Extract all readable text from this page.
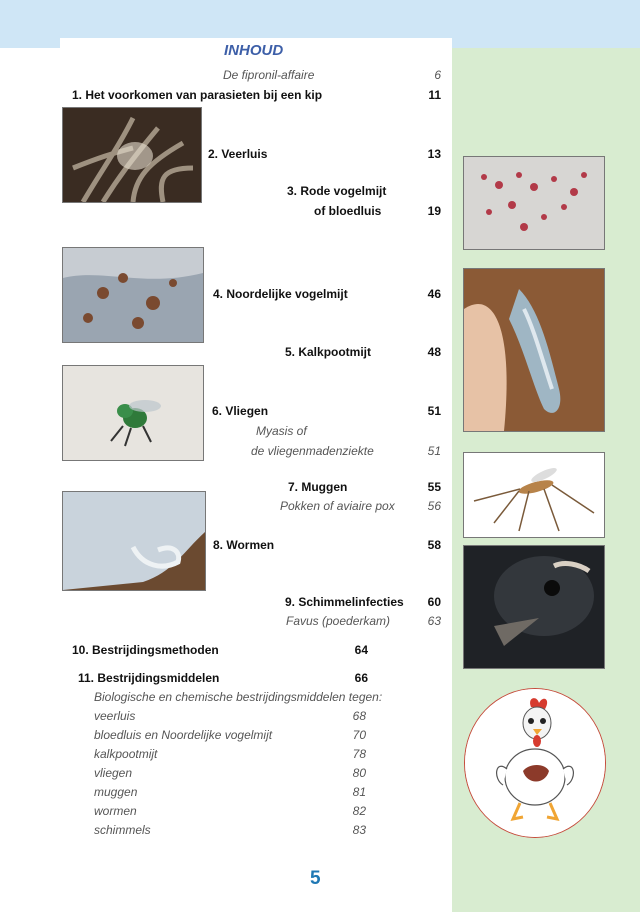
INHOUD
De fipronil-affaire	6
1. Het voorkomen van parasieten bij een kip	11
2. Veerluis	13
3. Rode vogelmijt
of bloedluis	19
4. Noordelijke vogelmijt	46
5. Kalkpootmijt	48
6. Vliegen	51
Myasis of
de vliegenmadenziekte	51
7. Muggen	55
Pokken of aviaire pox	56
8. Wormen	58
9. Schimmelinfecties	60
Favus (poederkam)	63
10. Bestrijdingsmethoden	64
11. Bestrijdingsmiddelen	66
Biologische en chemische bestrijdingsmiddelen tegen:
veerluis	68
bloedluis en Noordelijke vogelmijt	70
kalkpootmijt	78
vliegen	80
muggen	81
wormen	82
schimmels	83
5
